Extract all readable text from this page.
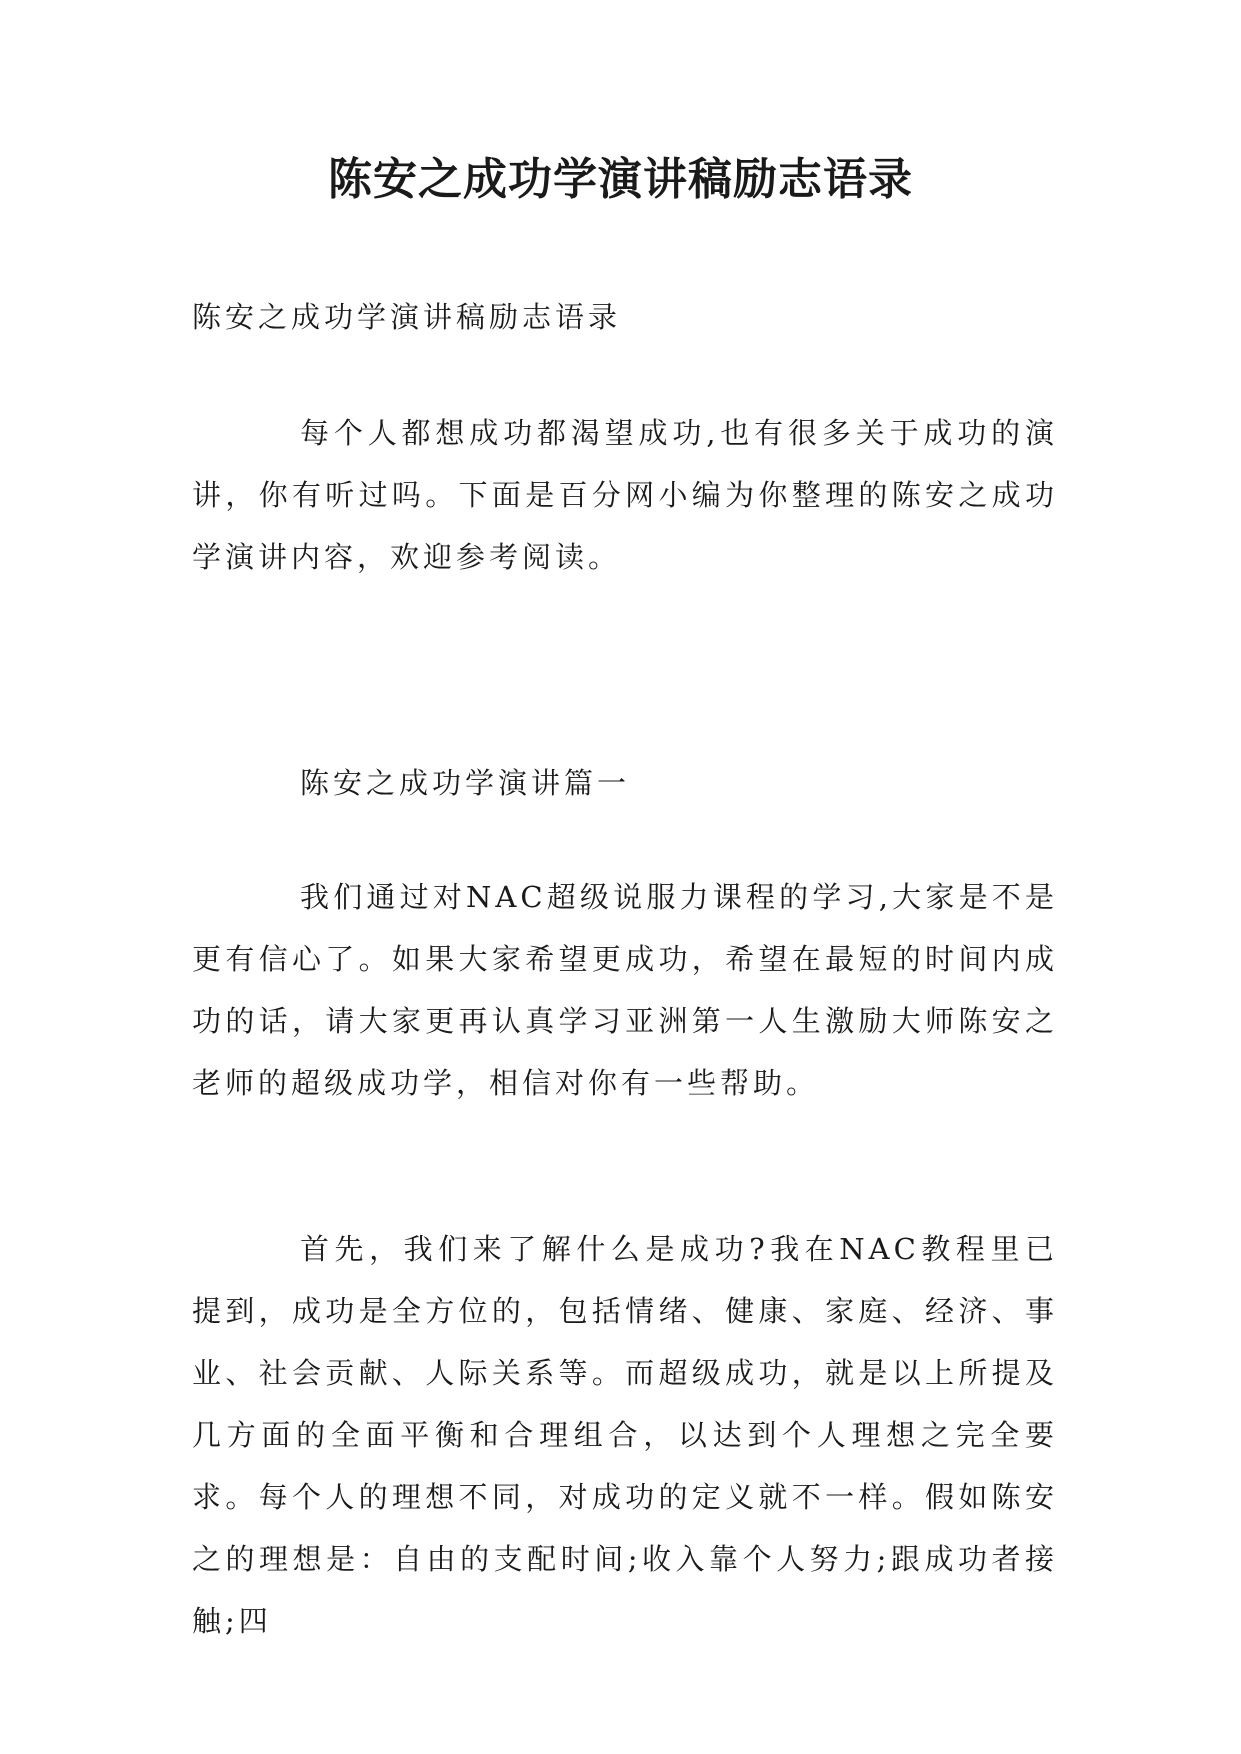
陈安之成功学演讲稿励志语录
陈安之成功学演讲稿励志语录
每个人都想成功都渴望成功,也有很多关于成功的演讲，你有听过吗。下面是百分网小编为你整理的陈安之成功学演讲内容，欢迎参考阅读。
陈安之成功学演讲篇一
我们通过对NAC超级说服力课程的学习,大家是不是更有信心了。如果大家希望更成功，希望在最短的时间内成功的话，请大家更再认真学习亚洲第一人生激励大师陈安之老师的超级成功学，相信对你有一些帮助。
首先，我们来了解什么是成功?我在NAC教程里已提到，成功是全方位的，包括情绪、健康、家庭、经济、事业、社会贡献、人际关系等。而超级成功，就是以上所提及几方面的全面平衡和合理组合，以达到个人理想之完全要求。每个人的理想不同，对成功的定义就不一样。假如陈安之的理想是：自由的支配时间;收入靠个人努力;跟成功者接触;四
